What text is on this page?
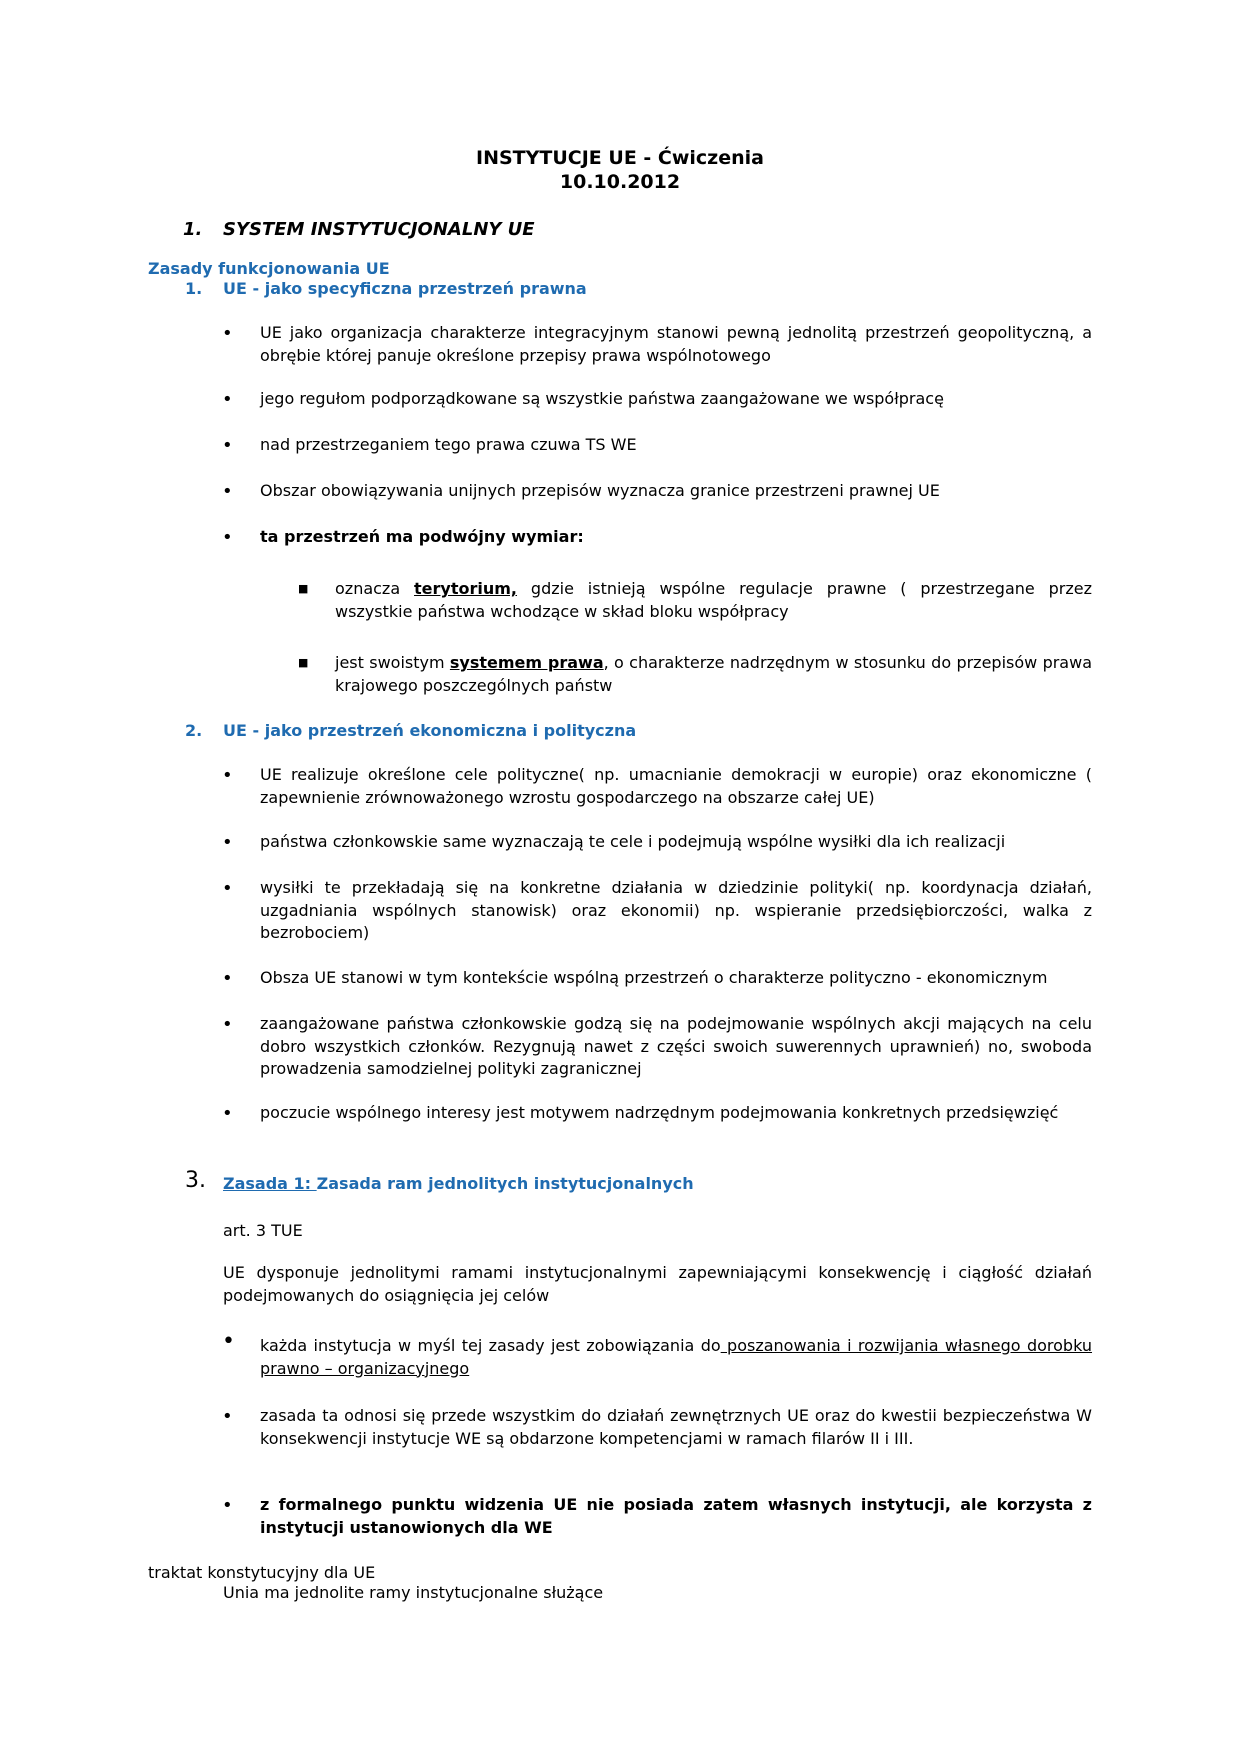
INSTYTUCJE UE - Ćwiczenia
10.10.2012
1. SYSTEM INSTYTUCJONALNY UE
Zasady funkcjonowania UE
1. UE - jako specyficzna przestrzeń prawna
• UE jako organizacja charakterze integracyjnym stanowi pewną jednolitą przestrzeń geopolityczną, a obrębie której panuje określone przepisy prawa wspólnotowego
• jego regułom podporządkowane są wszystkie państwa zaangażowane we współpracę
• nad przestrzeganiem tego prawa czuwa TS WE
• Obszar obowiązywania unijnych przepisów wyznacza granice przestrzeni prawnej UE
• ta przestrzeń ma podwójny wymiar:
■ oznacza terytorium, gdzie istnieją wspólne regulacje prawne ( przestrzegane przez wszystkie państwa wchodzące w skład bloku współpracy
■ jest swoistym systemem prawa, o charakterze nadrzędnym w stosunku do przepisów prawa krajowego poszczególnych państw
2. UE - jako przestrzeń ekonomiczna i polityczna
• UE realizuje określone cele polityczne( np. umacnianie demokracji w europie) oraz ekonomiczne ( zapewnienie zrównoważonego wzrostu gospodarczego na obszarze całej UE)
• państwa członkowskie same wyznaczają te cele i podejmują wspólne wysiłki dla ich realizacji
• wysiłki te przekładają się na konkretne działania w dziedzinie polityki( np. koordynacja działań, uzgadniania wspólnych stanowisk) oraz ekonomii) np. wspieranie przedsiębiorczości, walka z bezrobociem)
• Obsza UE stanowi w tym kontekście wspólną przestrzeń o charakterze polityczno - ekonomicznym
• zaangażowane państwa członkowskie godzą się na podejmowanie wspólnych akcji mających na celu dobro wszystkich członków. Rezygnują nawet z części swoich suwerennych uprawnień) no, swoboda prowadzenia samodzielnej polityki zagranicznej
• poczucie wspólnego interesy jest motywem nadrzędnym podejmowania konkretnych przedsięwzięć
3. Zasada 1: Zasada ram jednolitych instytucjonalnych
art. 3 TUE
UE dysponuje jednolitymi ramami instytucjonalnymi zapewniającymi konsekwencję i ciągłość działań podejmowanych do osiągnięcia jej celów
• każda instytucja w myśl tej zasady jest zobowiązania do poszanowania i rozwijania własnego dorobku prawno – organizacyjnego
• zasada ta odnosi się przede wszystkim do działań zewnętrznych UE oraz do kwestii bezpieczeństwa W konsekwencji instytucje WE są obdarzone kompetencjami w ramach filarów II i III.
• z formalnego punktu widzenia UE nie posiada zatem własnych instytucji, ale korzysta z instytucji ustanowionych dla WE
traktat konstytucyjny dla UE
Unia ma jednolite ramy instytucjonalne służące
